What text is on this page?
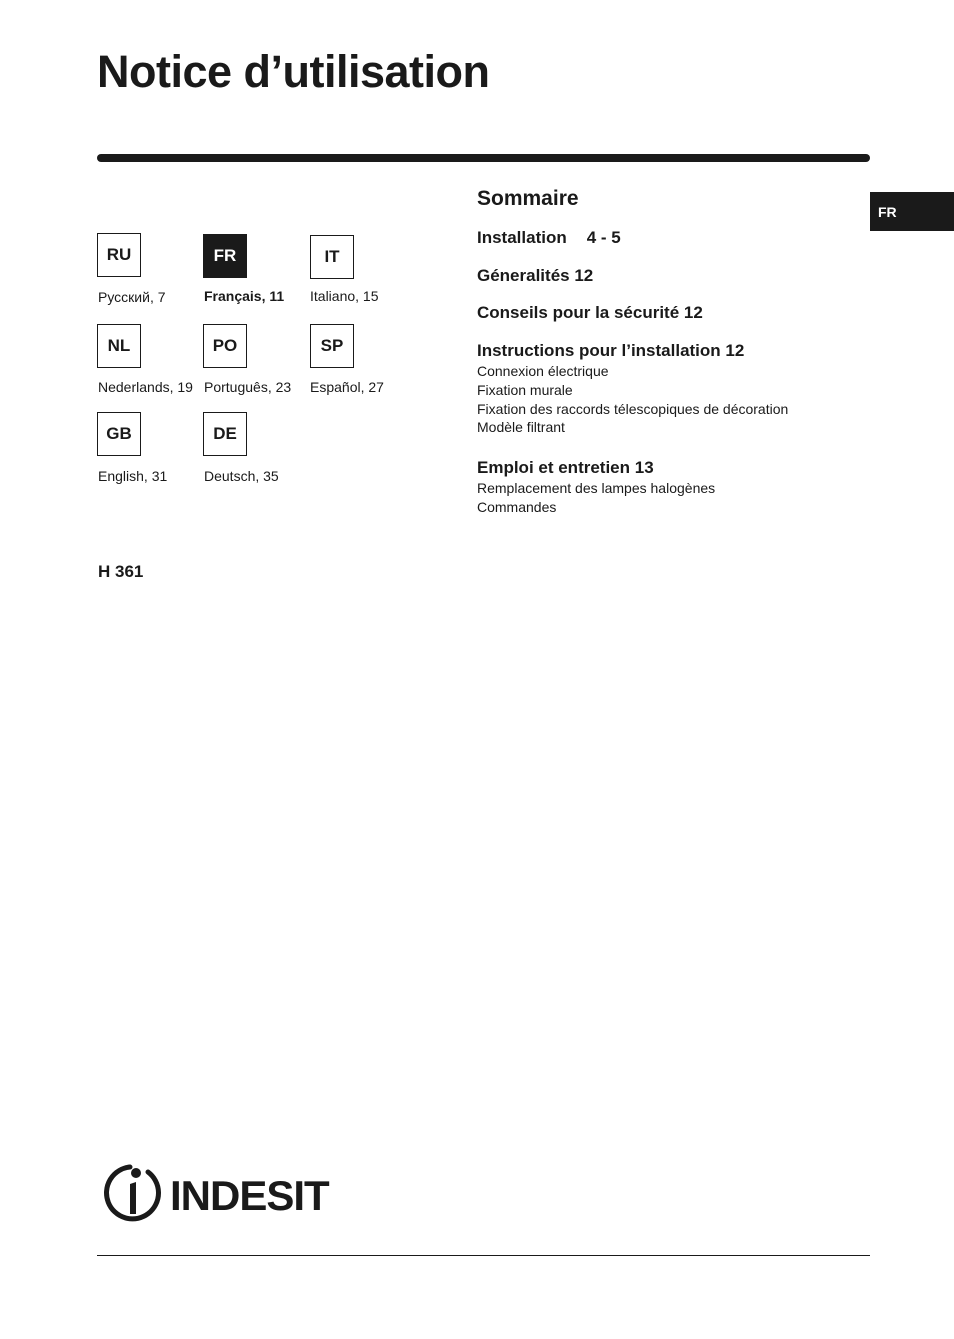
Notice d’utilisation
FR
RU
Русский, 7
FR
Français, 11
IT
Italiano, 15
NL
Nederlands, 19
PO
Português, 23
SP
Español, 27
GB
English, 31
DE
Deutsch, 35
H 361
Sommaire
Installation 4 - 5
Géneralités 12
Conseils pour la sécurité 12
Instructions pour l’installation 12
Connexion électrique
Fixation murale
Fixation des raccords télescopiques de décoration
Modèle filtrant
Emploi et entretien 13
Remplacement des lampes halogènes
Commandes
INDESIT
